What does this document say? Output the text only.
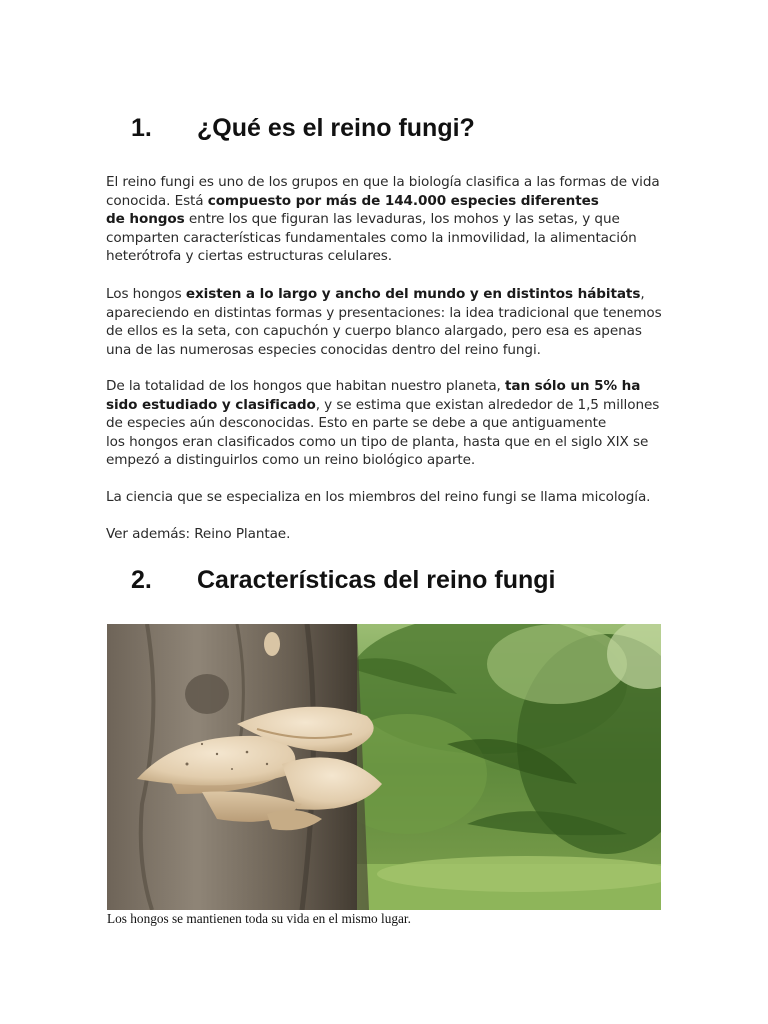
1. ¿Qué es el reino fungi?

El reino fungi es uno de los grupos en que la biología clasifica a las formas de vida
conocida. Está compuesto por más de 144.000 especies diferentes
de hongos entre los que figuran las levaduras, los mohos y las setas, y que
comparten características fundamentales como la inmovilidad, la alimentación
heterótrofa y ciertas estructuras celulares.

Los hongos existen a lo largo y ancho del mundo y en distintos hábitats,
apareciendo en distintas formas y presentaciones: la idea tradicional que tenemos
de ellos es la seta, con capuchón y cuerpo blanco alargado, pero esa es apenas
una de las numerosas especies conocidas dentro del reino fungi.

De la totalidad de los hongos que habitan nuestro planeta, tan sólo un 5% ha
sido estudiado y clasificado, y se estima que existan alrededor de 1,5 millones
de especies aún desconocidas. Esto en parte se debe a que antiguamente
los hongos eran clasificados como un tipo de planta, hasta que en el siglo XIX se
empezó a distinguirlos como un reino biológico aparte.

La ciencia que se especializa en los miembros del reino fungi se llama micología.

Ver además: Reino Plantae.

2. Características del reino fungi

Los hongos se mantienen toda su vida en el mismo lugar.
